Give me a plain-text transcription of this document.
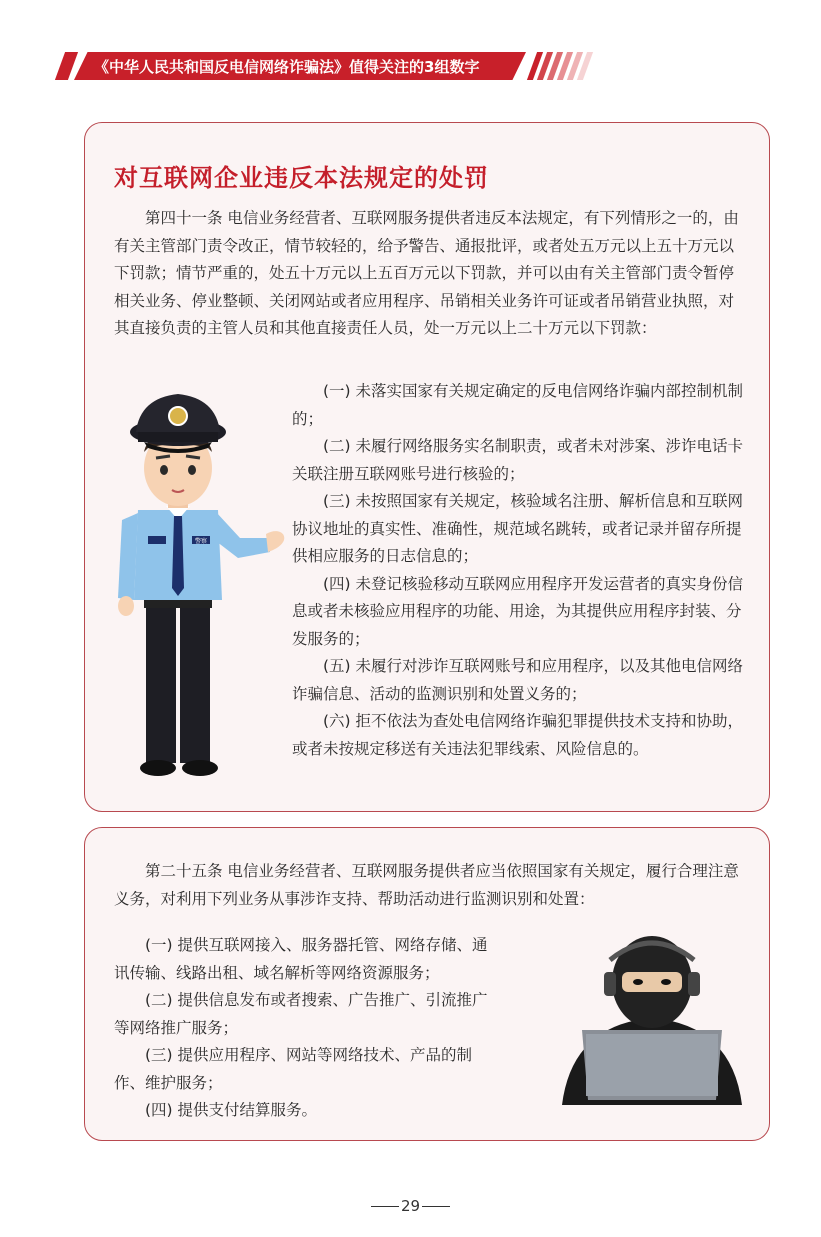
《中华人民共和国反电信网络诈骗法》值得关注的3组数字
对互联网企业违反本法规定的处罚
第四十一条 电信业务经营者、互联网服务提供者违反本法规定，有下列情形之一的，由有关主管部门责令改正，情节较轻的，给予警告、通报批评，或者处五万元以上五十万元以下罚款；情节严重的，处五十万元以上五百万元以下罚款，并可以由有关主管部门责令暂停相关业务、停业整顿、关闭网站或者应用程序、吊销相关业务许可证或者吊销营业执照，对其直接负责的主管人员和其他直接责任人员，处一万元以上二十万元以下罚款：
(一) 未落实国家有关规定确定的反电信网络诈骗内部控制机制的；
(二) 未履行网络服务实名制职责，或者未对涉案、涉诈电话卡关联注册互联网账号进行核验的；
(三) 未按照国家有关规定，核验域名注册、解析信息和互联网协议地址的真实性、准确性，规范域名跳转，或者记录并留存所提供相应服务的日志信息的；
(四) 未登记核验移动互联网应用程序开发运营者的真实身份信息或者未核验应用程序的功能、用途，为其提供应用程序封装、分发服务的；
(五) 未履行对涉诈互联网账号和应用程序，以及其他电信网络诈骗信息、活动的监测识别和处置义务的；
(六) 拒不依法为查处电信网络诈骗犯罪提供技术支持和协助，或者未按规定移送有关违法犯罪线索、风险信息的。
警察
第二十五条 电信业务经营者、互联网服务提供者应当依照国家有关规定，履行合理注意义务，对利用下列业务从事涉诈支持、帮助活动进行监测识别和处置：
(一) 提供互联网接入、服务器托管、网络存储、通讯传输、线路出租、域名解析等网络资源服务；
(二) 提供信息发布或者搜索、广告推广、引流推广等网络推广服务；
(三) 提供应用程序、网站等网络技术、产品的制作、维护服务；
(四) 提供支付结算服务。
29
